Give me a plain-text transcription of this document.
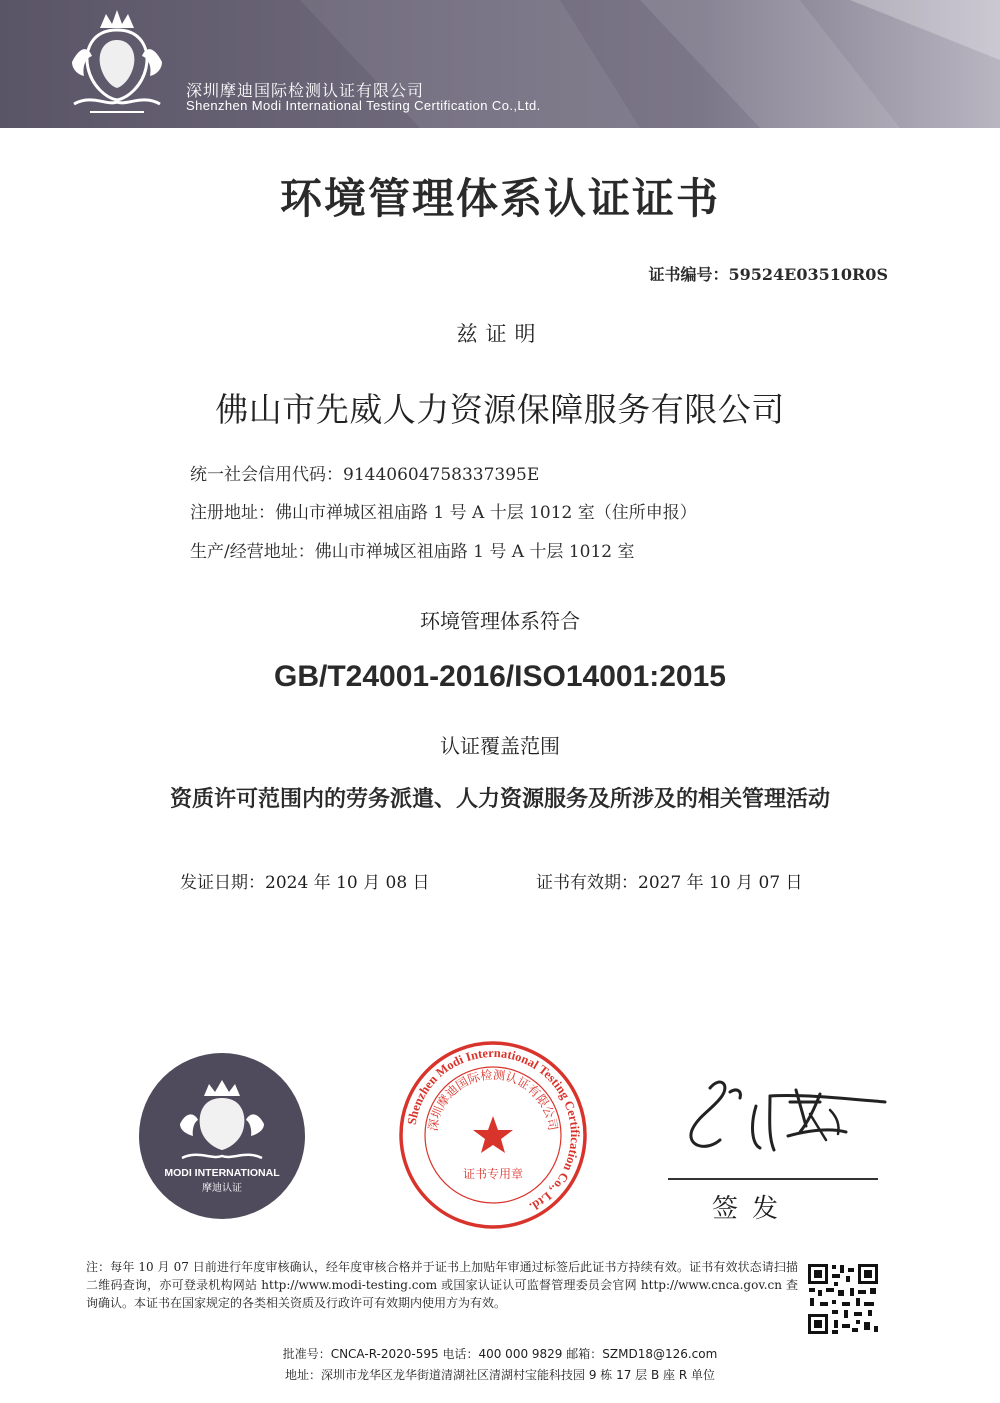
深圳摩迪国际检测认证有限公司
Shenzhen Modi International Testing Certification Co.,Ltd.
环境管理体系认证证书
证书编号：59524E03510R0S
兹证明
佛山市先威人力资源保障服务有限公司
统一社会信用代码：91440604758337395E
注册地址：佛山市禅城区祖庙路 1 号 A 十层 1012 室（住所申报）
生产/经营地址：佛山市禅城区祖庙路 1 号 A 十层 1012 室
环境管理体系符合
GB/T24001-2016/ISO14001:2015
认证覆盖范围
资质许可范围内的劳务派遣、人力资源服务及所涉及的相关管理活动
发证日期：2024 年 10 月 08 日	证书有效期：2027 年 10 月 07 日
MODI INTERNATIONAL
摩迪认证
Shenzhen Modi International Testing Certification Co., Ltd.
深圳摩迪国际检测认证有限公司
证书专用章
签发
注：每年 10 月 07 日前进行年度审核确认，经年度审核合格并于证书上加贴年审通过标签后此证书方持续有效。证书有效状态请扫描二维码查询，亦可登录机构网站 http://www.modi-testing.com 或国家认证认可监督管理委员会官网 http://www.cnca.gov.cn 查询确认。本证书在国家规定的各类相关资质及行政许可有效期内使用方为有效。
批准号：CNCA-R-2020-595 电话：400 000 9829 邮箱：SZMD18@126.com
地址：深圳市龙华区龙华街道清湖社区清湖村宝能科技园 9 栋 17 层 B 座 R 单位
